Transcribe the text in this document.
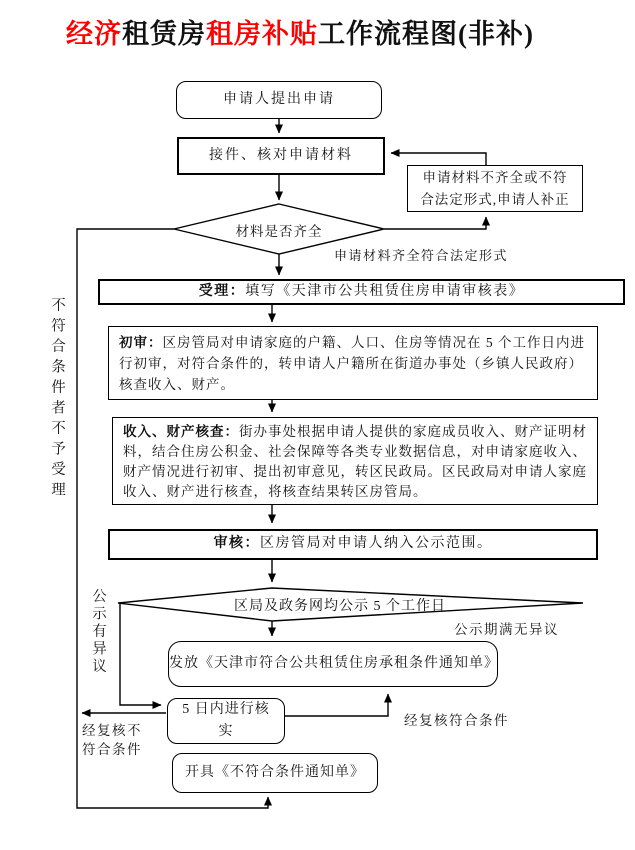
经济租赁房租房补贴工作流程图(非补)
申请人提出申请
接件、核对申请材料
申请材料不齐全或不符合法定形式,申请人补正
材料是否齐全
申请材料齐全符合法定形式
受理： 填写《天津市公共租赁住房申请审核表》
初审：区房管局对申请家庭的户籍、人口、住房等情况在 5 个工作日内进行初审，对符合条件的，转申请人户籍所在街道办事处（乡镇人民政府）核查收入、财产。
收入、财产核查：街办事处根据申请人提供的家庭成员收入、财产证明材料，结合住房公积金、社会保障等各类专业数据信息，对申请家庭收入、财产情况进行初审、提出初审意见，转区民政局。区民政局对申请人家庭收入、财产进行核查，将核查结果转区房管局。
审核： 区房管局对申请人纳入公示范围。
区局及政务网均公示 5 个工作日
公示期满无异议
公示有异议
不符合条件者不予受理
发放《天津市符合公共租赁住房承租条件通知单》
5 日内进行核实
经复核符合条件
经复核不符合条件
开具《不符合条件通知单》
